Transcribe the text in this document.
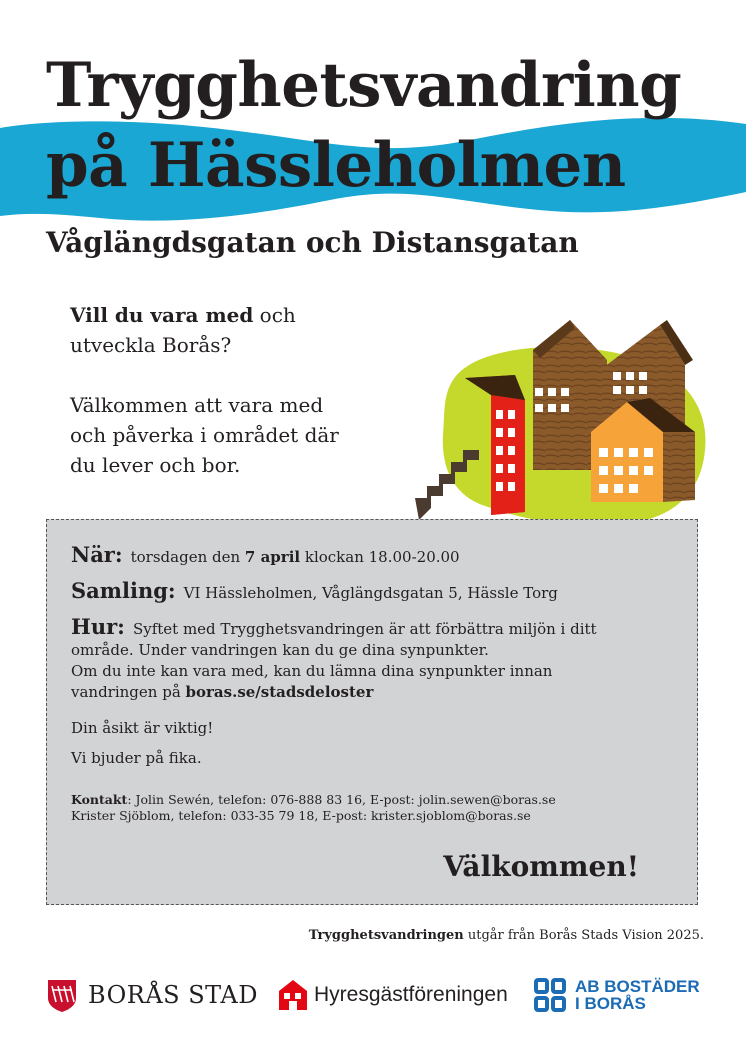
Trygghetsvandring
på Hässleholmen
Våglängdsgatan och Distansgatan

Vill du vara med och

utveckla Borås?

Välkommen att vara med

och påverka i området där

du lever och bor.

När: torsdagen den 7 april klockan 18.00-20.00
Samling: VI Hässleholmen, Våglängdsgatan 5, Hässle Torg
Hur: Syftet med Trygghetsvandringen är att förbättra miljön i ditt
område. Under vandringen kan du ge dina synpunkter.
Om du inte kan vara med, kan du lämna dina synpunkter innan
vandringen på boras.se/stadsdeloster
Din åsikt är viktig!
Vi bjuder på fika.
Kontakt: Jolin Sewén, telefon: 076-888 83 16, E-post: jolin.sewen@boras.se
Krister Sjöblom, telefon: 033-35 79 18, E-post: krister.sjoblom@boras.se
Välkommen!
Trygghetsvandringen utgår från Borås Stads Vision 2025.
BORÅS STAD	Hyresgästföreningen	AB BOSTÄDER
I BORÅS
